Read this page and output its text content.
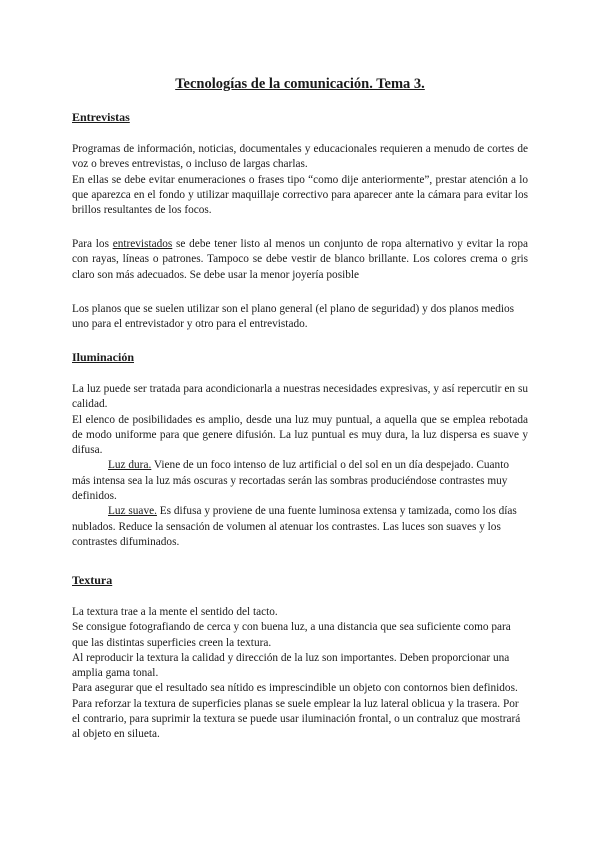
Tecnologías de la comunicación. Tema 3.
Entrevistas

Programas de información, noticias, documentales y educacionales requieren a menudo de cortes de voz o breves entrevistas, o incluso de largas charlas.

En ellas se debe evitar enumeraciones o frases tipo “como dije anteriormente”, prestar atención a lo que aparezca en el fondo y utilizar maquillaje correctivo para aparecer ante la cámara para evitar los brillos resultantes de los focos.

Para los entrevistados se debe tener listo al menos un conjunto de ropa alternativo y evitar la ropa con rayas, líneas o patrones. Tampoco se debe vestir de blanco brillante. Los colores crema o gris claro son más adecuados. Se debe usar la menor joyería posible

Los planos que se suelen utilizar son el plano general (el plano de seguridad) y dos planos medios uno para el entrevistador y otro para el entrevistado.

Iluminación

La luz puede ser tratada para acondicionarla a nuestras necesidades expresivas, y así repercutir en su calidad.

El elenco de posibilidades es amplio, desde una luz muy puntual, a aquella que se emplea rebotada de modo uniforme para que genere difusión. La luz puntual es muy dura, la luz dispersa es suave y difusa.

Luz dura. Viene de un foco intenso de luz artificial o del sol en un día despejado. Cuanto más intensa sea la luz más oscuras y recortadas serán las sombras produciéndose contrastes muy definidos.

Luz suave. Es difusa y proviene de una fuente luminosa extensa y tamizada, como los días nublados. Reduce la sensación de volumen al atenuar los contrastes. Las luces son suaves y los contrastes difuminados.

Textura

La textura trae a la mente el sentido del tacto.

Se consigue fotografiando de cerca y con buena luz, a una distancia que sea suficiente como para que las distintas superficies creen la textura.

Al reproducir la textura la calidad y dirección de la luz son importantes. Deben proporcionar una amplia gama tonal.

Para asegurar que el resultado sea nítido es imprescindible un objeto con contornos bien definidos.

Para reforzar la textura de superficies planas se suele emplear la luz lateral oblicua y la trasera. Por el contrario, para suprimir la textura se puede usar iluminación frontal, o un contraluz que mostrará al objeto en silueta.
